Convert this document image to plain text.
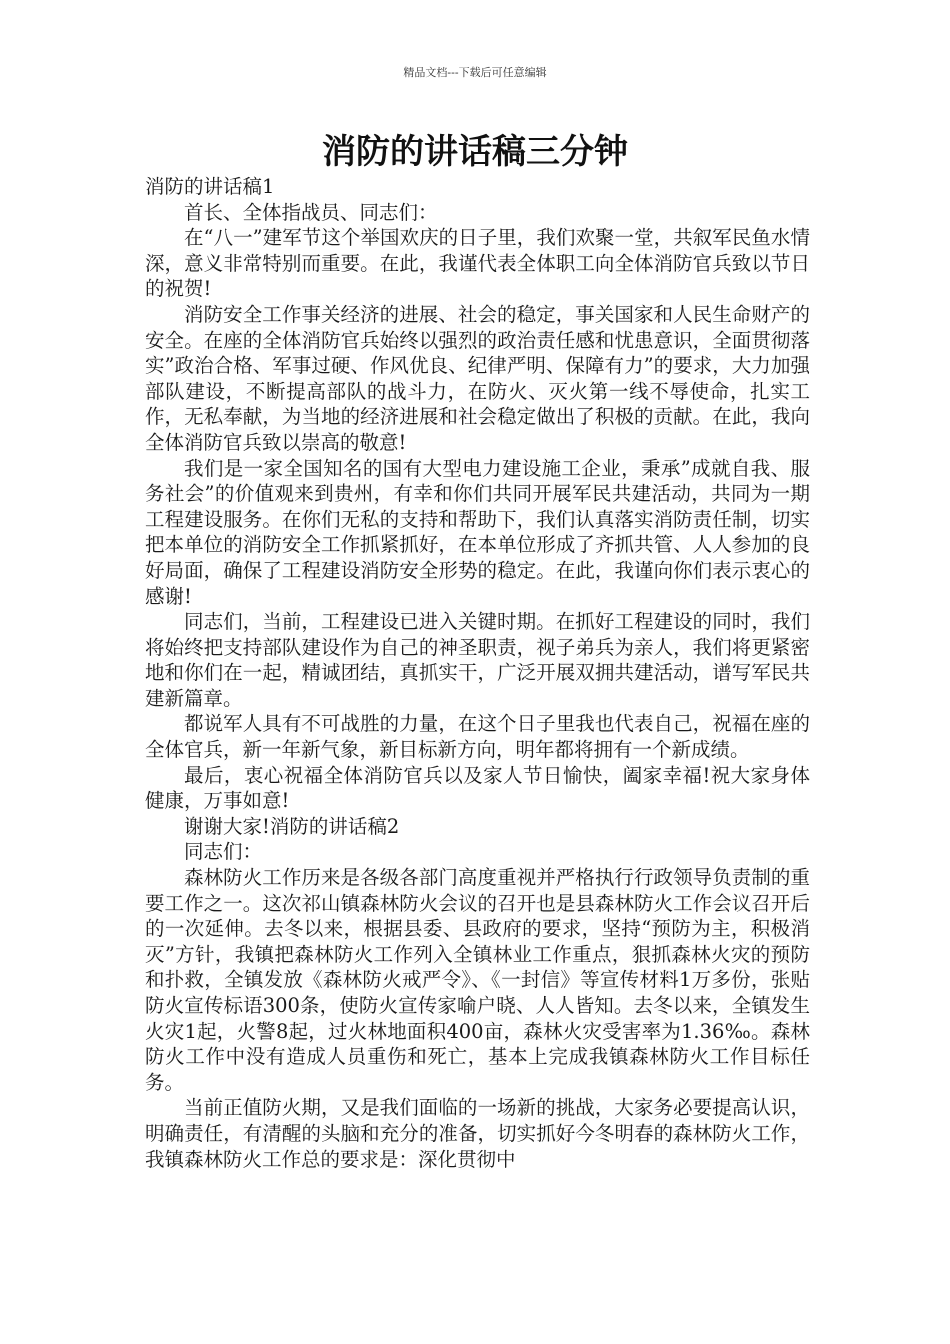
精品文档---下载后可任意编辑
消防的讲话稿三分钟

消防的讲话稿1

首长、全体指战员、同志们：

在“八一”建军节这个举国欢庆的日子里，我们欢聚一堂，共叙军民鱼水情深，意义非常特别而重要。在此，我谨代表全体职工向全体消防官兵致以节日的祝贺!

消防安全工作事关经济的进展、社会的稳定，事关国家和人民生命财产的安全。在座的全体消防官兵始终以强烈的政治责任感和忧患意识，全面贯彻落实”政治合格、军事过硬、作风优良、纪律严明、保障有力”的要求，大力加强部队建设，不断提高部队的战斗力，在防火、灭火第一线不辱使命，扎实工作，无私奉献，为当地的经济进展和社会稳定做出了积极的贡献。在此，我向全体消防官兵致以崇高的敬意!

我们是一家全国知名的国有大型电力建设施工企业，秉承”成就自我、服务社会”的价值观来到贵州，有幸和你们共同开展军民共建活动，共同为一期工程建设服务。在你们无私的支持和帮助下，我们认真落实消防责任制，切实把本单位的消防安全工作抓紧抓好，在本单位形成了齐抓共管、人人参加的良好局面，确保了工程建设消防安全形势的稳定。在此，我谨向你们表示衷心的感谢!

同志们，当前，工程建设已进入关键时期。在抓好工程建设的同时，我们将始终把支持部队建设作为自己的神圣职责，视子弟兵为亲人，我们将更紧密地和你们在一起，精诚团结，真抓实干，广泛开展双拥共建活动，谱写军民共建新篇章。

都说军人具有不可战胜的力量，在这个日子里我也代表自己，祝福在座的全体官兵，新一年新气象，新目标新方向，明年都将拥有一个新成绩。

最后，衷心祝福全体消防官兵以及家人节日愉快，阖家幸福!祝大家身体健康，万事如意!

谢谢大家!消防的讲话稿2

同志们：

森林防火工作历来是各级各部门高度重视并严格执行行政领导负责制的重要工作之一。这次祁山镇森林防火会议的召开也是县森林防火工作会议召开后的一次延伸。去冬以来，根据县委、县政府的要求，坚持“预防为主，积极消灭”方针，我镇把森林防火工作列入全镇林业工作重点，狠抓森林火灾的预防和扑救，全镇发放《森林防火戒严令》、《一封信》等宣传材料1万多份，张贴防火宣传标语300条，使防火宣传家喻户晓、人人皆知。去冬以来，全镇发生火灾1起，火警8起，过火林地面积400亩，森林火灾受害率为1.36‰。森林防火工作中没有造成人员重伤和死亡，基本上完成我镇森林防火工作目标任务。

当前正值防火期，又是我们面临的一场新的挑战，大家务必要提高认识，明确责任，有清醒的头脑和充分的准备，切实抓好今冬明春的森林防火工作，我镇森林防火工作总的要求是：深化贯彻中
